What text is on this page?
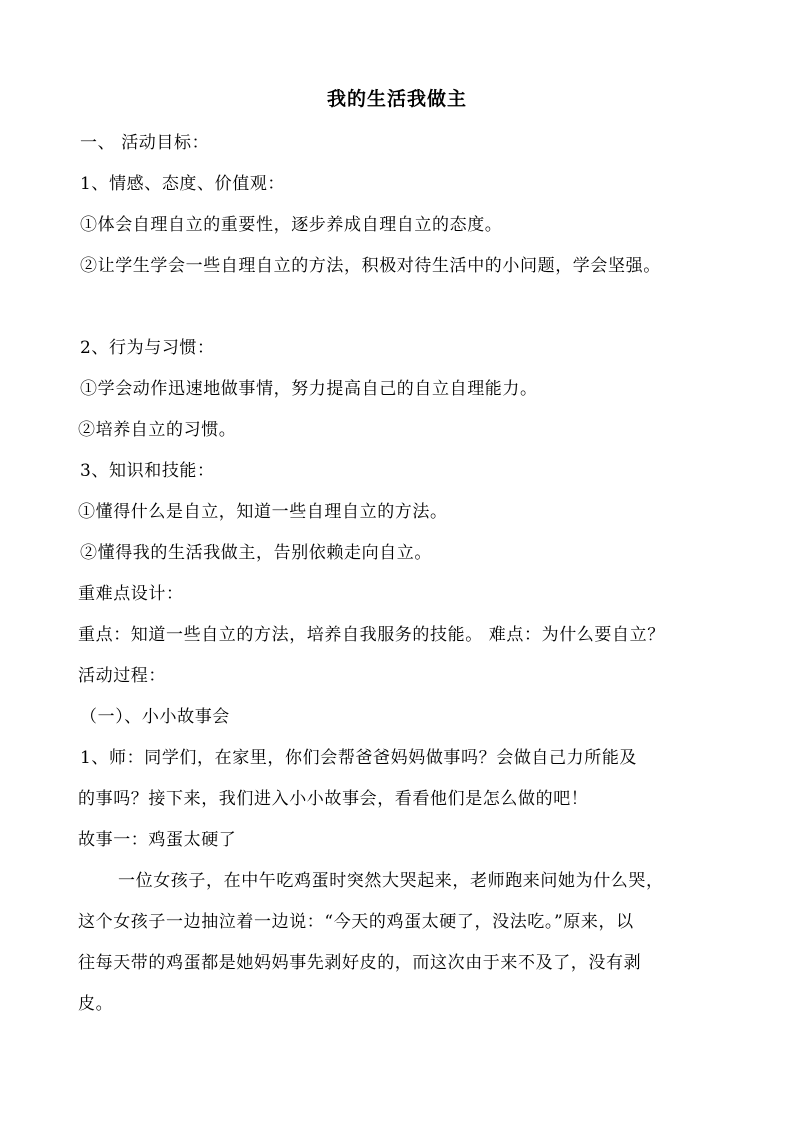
我的生活我做主
一、 活动目标：
1、情感、态度、价值观：
①体会自理自立的重要性，逐步养成自理自立的态度。
②让学生学会一些自理自立的方法，积极对待生活中的小问题，学会坚强。
2、行为与习惯：
①学会动作迅速地做事情，努力提高自己的自立自理能力。
②培养自立的习惯。
3、知识和技能：
①懂得什么是自立，知道一些自理自立的方法。
②懂得我的生活我做主，告别依赖走向自立。
重难点设计：
重点：知道一些自立的方法，培养自我服务的技能。 难点：为什么要自立？
活动过程：
（一）、小小故事会
1、师：同学们，在家里，你们会帮爸爸妈妈做事吗？会做自己力所能及
的事吗？接下来，我们进入小小故事会，看看他们是怎么做的吧！
故事一：鸡蛋太硬了
一位女孩子，在中午吃鸡蛋时突然大哭起来，老师跑来问她为什么哭，
这个女孩子一边抽泣着一边说：“今天的鸡蛋太硬了，没法吃。”原来，以
往每天带的鸡蛋都是她妈妈事先剥好皮的，而这次由于来不及了，没有剥
皮。
